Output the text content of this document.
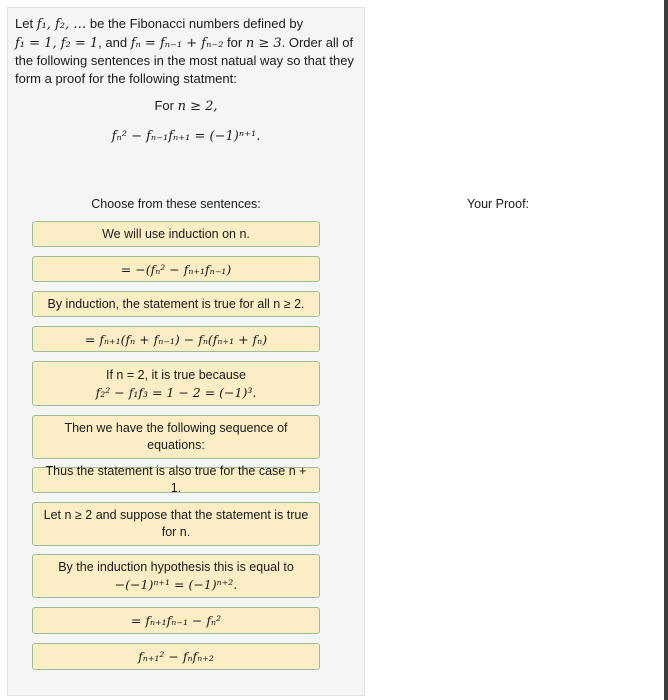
Let f₁, f₂, … be the Fibonacci numbers defined by
f₁ = 1, f₂ = 1, and fₙ = fₙ₋₁ + fₙ₋₂ for n ≥ 3. Order all of
the following sentences in the most natual way so that they
form a proof for the following statment:
For n ≥ 2,
fₙ² − fₙ₋₁fₙ₊₁ = (−1)ⁿ⁺¹.
Choose from these sentences:	Your Proof:
We will use induction on n.
= −(fₙ² − fₙ₊₁fₙ₋₁)
By induction, the statement is true for all n ≥ 2.
= fₙ₊₁(fₙ + fₙ₋₁) − fₙ(fₙ₊₁ + fₙ)
If n = 2, it is true because
f₂² − f₁f₃ = 1 − 2 = (−1)³.
Then we have the following sequence of
equations:
Thus the statement is also true for the case n + 1.
Let n ≥ 2 and suppose that the statement is true
for n.
By the induction hypothesis this is equal to
−(−1)ⁿ⁺¹ = (−1)ⁿ⁺².
= fₙ₊₁fₙ₋₁ − fₙ²
fₙ₊₁² − fₙfₙ₊₂
